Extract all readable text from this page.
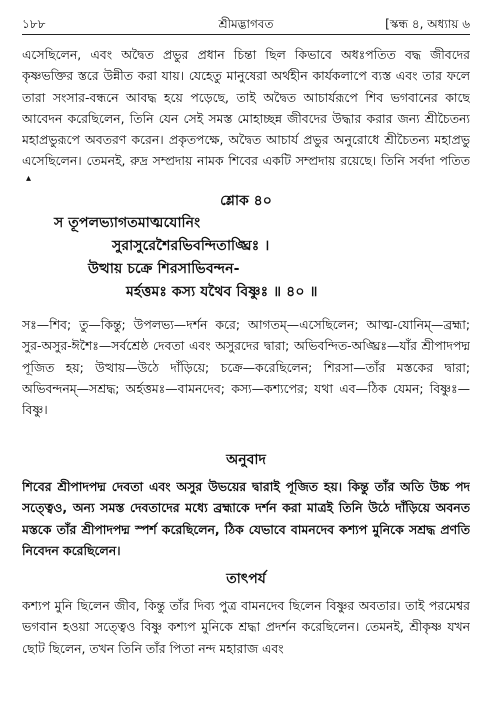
১৮৮	শ্রীমদ্ভাগবত	[স্কন্ধ ৪, অধ্যায় ৬

এসেছিলেন, এবং অদ্বৈত প্রভুর প্রধান চিন্তা ছিল কিভাবে অধঃপতিত বদ্ধ জীবদের কৃষ্ণভক্তির স্তরে উন্নীত করা যায়। যেহেতু মানুষেরা অর্থহীন কার্যকলাপে ব্যস্ত এবং তার ফলে তারা সংসার-বন্ধনে আবদ্ধ হয়ে পড়েছে, তাই অদ্বৈত আচার্যরূপে শিব ভগবানের কাছে আবেদন করেছিলেন, তিনি যেন সেই সমস্ত মোহাচ্ছন্ন জীবদের উদ্ধার করার জন্য শ্রীচৈতন্য মহাপ্রভুরূপে অবতরণ করেন। প্রকৃতপক্ষে, অদ্বৈত আচার্য প্রভুর অনুরোধে শ্রীচৈতন্য মহাপ্রভু এসেছিলেন। তেমনই, রুদ্র সম্প্রদায় নামক শিবের একটি সম্প্রদায় রয়েছে। তিনি সর্বদা পতিত

▴
শ্লোক ৪০
স তূপলভ্যাগতমাত্মযোনিং
সুরাসুরেশৈরভিবন্দিতাঙ্ঘ্রিঃ ।
উত্থায় চক্রে শিরসাভিবন্দন-
মর্হত্তমঃ কস্য যথৈব বিষ্ণুঃ ॥ ৪০ ॥

সঃ—শিব; তু—কিন্তু; উপলভ্য—দর্শন করে; আগতম্—এসেছিলেন; আত্ম-যোনিম্—ব্রহ্মা; সুর-অসুর-ঈশৈঃ—সর্বশ্রেষ্ঠ দেবতা এবং অসুরদের দ্বারা; অভিবন্দিত-অঙ্ঘ্রিঃ—যাঁর শ্রীপাদপদ্ম পূজিত হয়; উত্থায়—উঠে দাঁড়িয়ে; চক্রে—করেছিলেন; শিরসা—তাঁর মস্তকের দ্বারা; অভিবন্দনম্—সশ্রদ্ধ; অর্হত্তমঃ—বামনদেব; কস্য—কশ্যপের; যথা এব—ঠিক যেমন; বিষ্ণুঃ—বিষ্ণু।

অনুবাদ

শিবের শ্রীপাদপদ্ম দেবতা এবং অসুর উভয়ের দ্বারাই পূজিত হয়। কিন্তু তাঁর অতি উচ্চ পদ সত্ত্বেও, অন্য সমস্ত দেবতাদের মধ্যে ব্রহ্মাকে দর্শন করা মাত্রই তিনি উঠে দাঁড়িয়ে অবনত মস্তকে তাঁর শ্রীপাদপদ্ম স্পর্শ করেছিলেন, ঠিক যেভাবে বামনদেব কশ্যপ মুনিকে সশ্রদ্ধ প্রণতি নিবেদন করেছিলেন।

তাৎপর্য

কশ্যপ মুনি ছিলেন জীব, কিন্তু তাঁর দিব্য পুত্র বামনদেব ছিলেন বিষ্ণুর অবতার। তাই পরমেশ্বর ভগবান হওয়া সত্ত্বেও বিষ্ণু কশ্যপ মুনিকে শ্রদ্ধা প্রদর্শন করেছিলেন। তেমনই, শ্রীকৃষ্ণ যখন ছোট ছিলেন, তখন তিনি তাঁর পিতা নন্দ মহারাজ এবং
